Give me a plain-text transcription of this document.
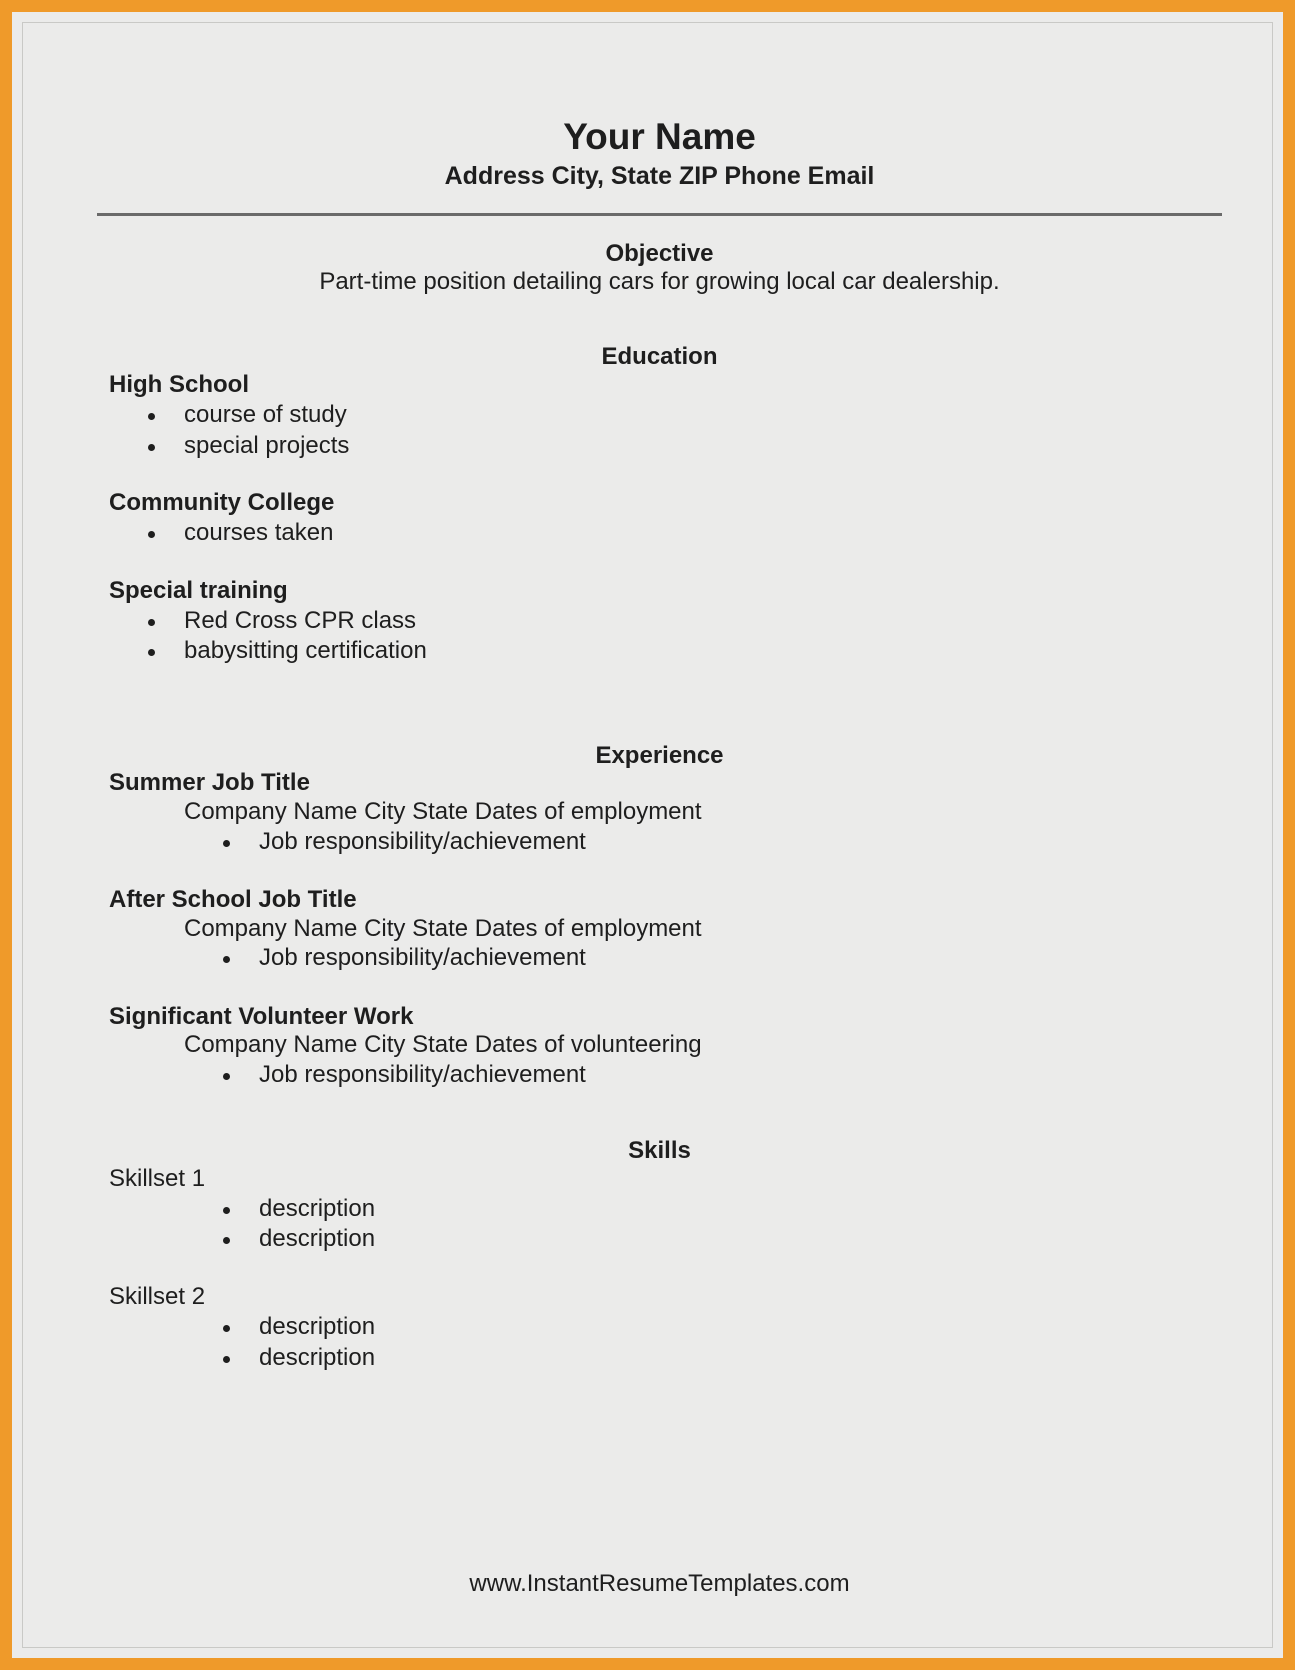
Your Name
Address City, State ZIP Phone Email
Objective
Part-time position detailing cars for growing local car dealership.
Education
High School
course of study
special projects
Community College
courses taken
Special training
Red Cross CPR class
babysitting certification
Experience
Summer Job Title
Company Name City State Dates of employment
Job responsibility/achievement
After School Job Title
Company Name City State Dates of employment
Job responsibility/achievement
Significant Volunteer Work
Company Name City State Dates of volunteering
Job responsibility/achievement
Skills
Skillset 1
description
description
Skillset 2
description
description
www.InstantResumeTemplates.com
